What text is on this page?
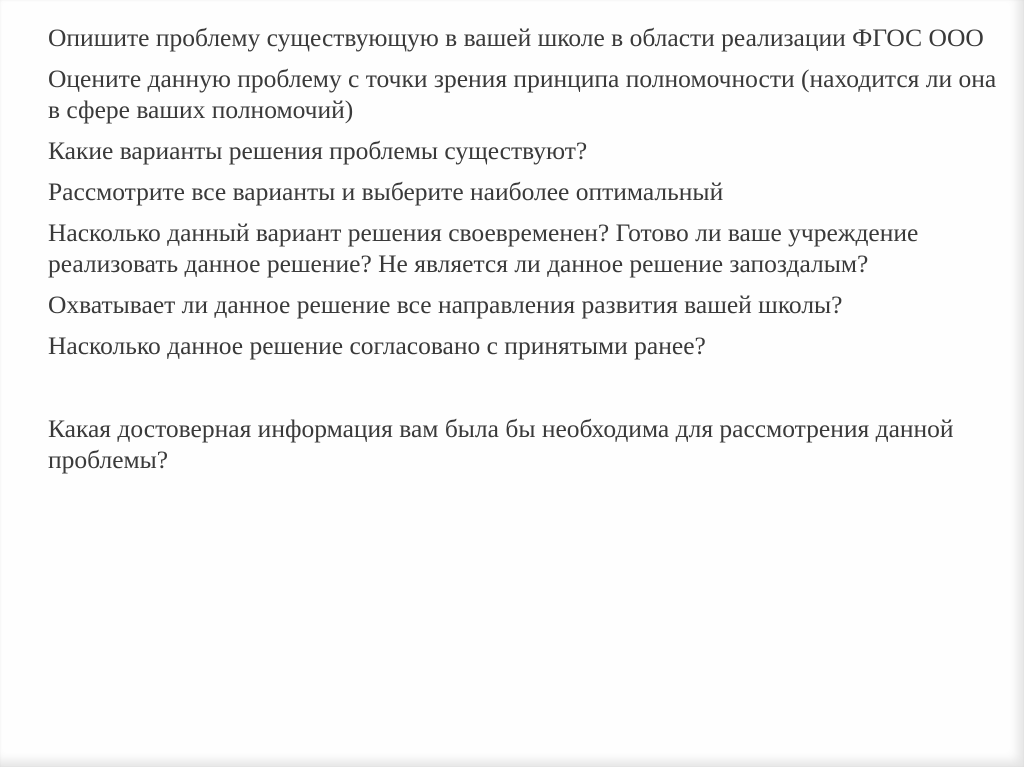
Опишите проблему существующую в вашей школе в области реализации ФГОС ООО

Оцените данную проблему с точки зрения принципа полномочности (находится ли она в сфере ваших полномочий)

Какие варианты решения проблемы существуют?

Рассмотрите все варианты и выберите наиболее оптимальный

Насколько данный вариант решения своевременен? Готово ли ваше учреждение реализовать данное решение? Не является ли данное решение запоздалым?

Охватывает ли данное решение все направления развития вашей школы?

Насколько данное решение согласовано с принятыми ранее?

Какая достоверная информация вам была бы необходима для рассмотрения данной проблемы?
